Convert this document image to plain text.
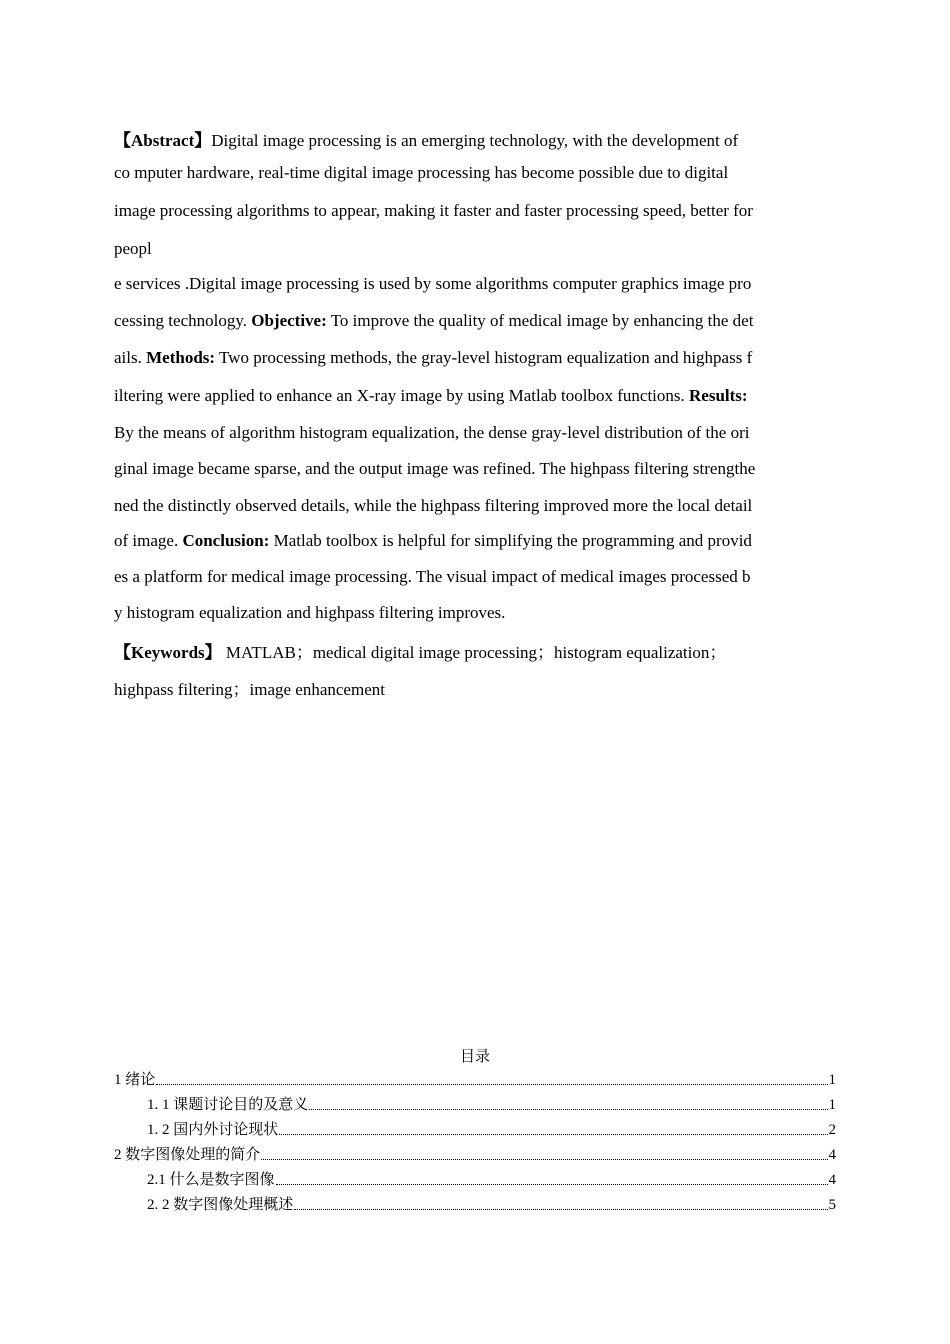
【Abstract】Digital image processing is an emerging technology, with the development of
co mputer hardware, real-time digital image processing has become possible due to digital
image processing algorithms to appear, making it faster and faster processing speed, better for
peopl
e services .Digital image processing is used by some algorithms computer graphics image pro
cessing technology. Objective: To improve the quality of medical image by enhancing the det
ails. Methods: Two processing methods, the gray-level histogram equalization and highpass f
iltering were applied to enhance an X-ray image by using Matlab toolbox functions. Results:
By the means of algorithm histogram equalization, the dense gray-level distribution of the ori
ginal image became sparse, and the output image was refined. The highpass filtering strengthe
ned the distinctly observed details, while the highpass filtering improved more the local detail
of image. Conclusion: Matlab toolbox is helpful for simplifying the programming and provid
es a platform for medical image processing. The visual impact of medical images processed b
y histogram equalization and highpass filtering improves.
【Keywords】 MATLAB；medical digital image processing；histogram equalization；
highpass filtering；image enhancement
目录
1 绪论	1
1. 1 课题讨论目的及意义	1
1. 2 国内外讨论现状	2
2 数字图像处理的简介	4
2.1 什么是数字图像	4
2. 2 数字图像处理概述	5
